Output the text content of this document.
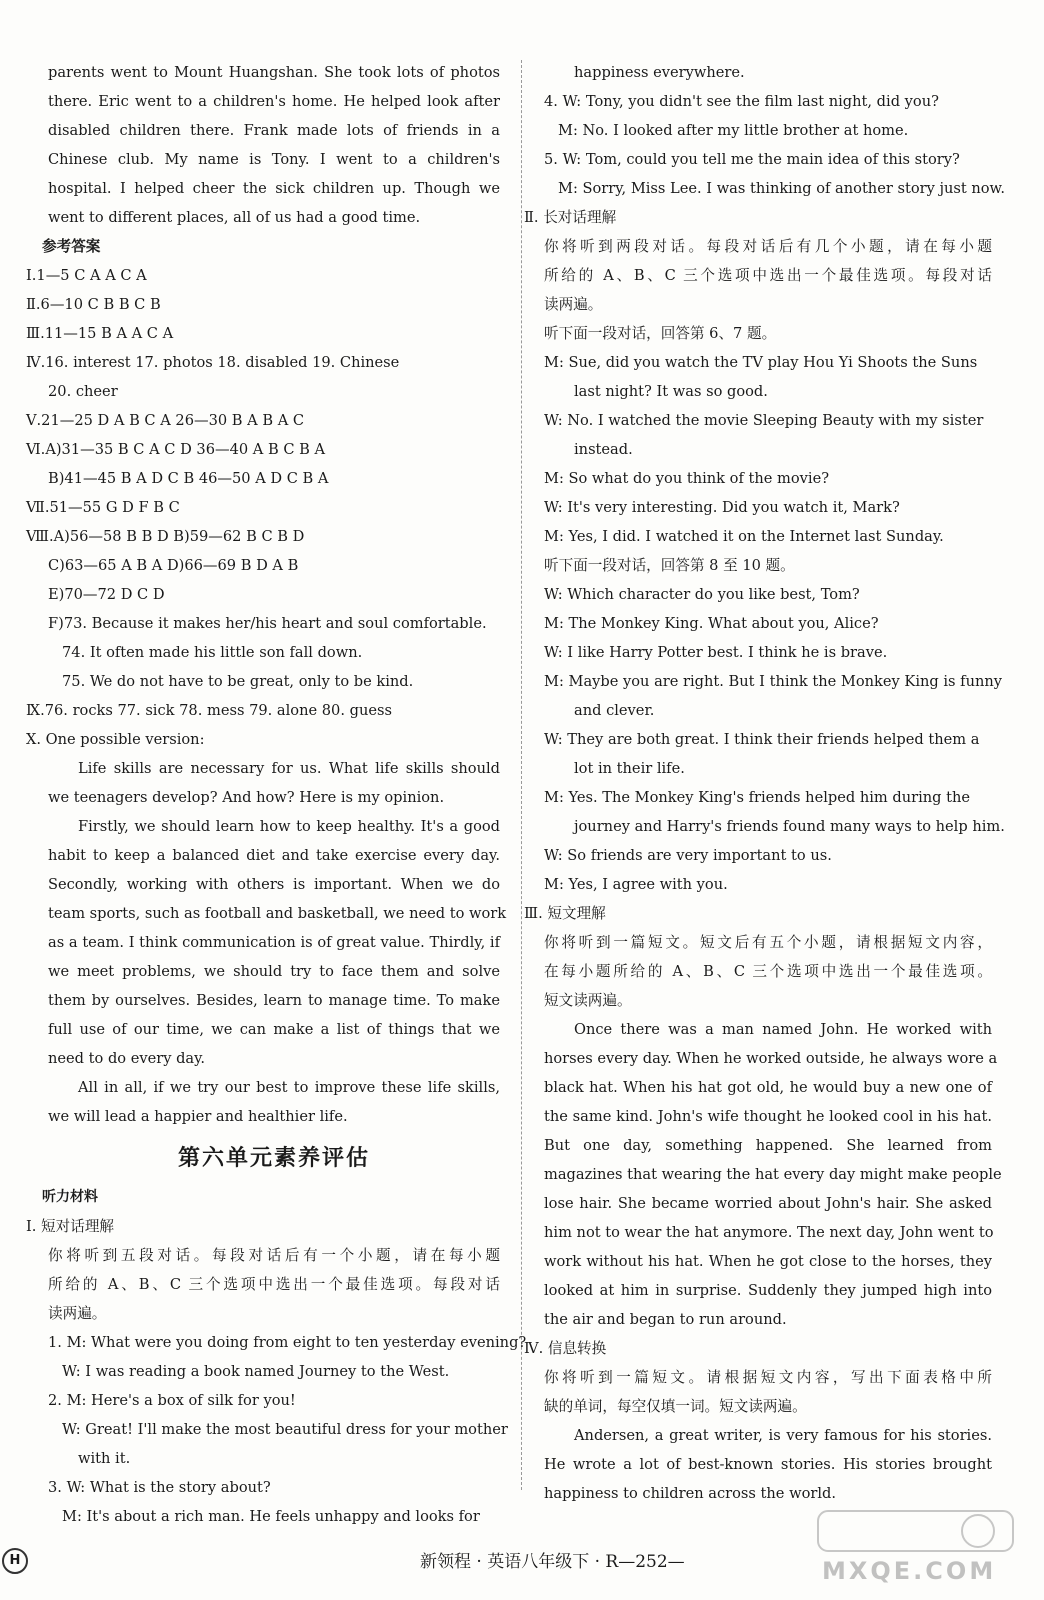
parents went to Mount Huangshan. She took lots of photos
there. Eric went to a children's home. He helped look after
disabled children there. Frank made lots of friends in a
Chinese club. My name is Tony. I went to a children's
hospital. I helped cheer the sick children up. Though we
went to different places, all of us had a good time.
参考答案
Ⅰ.1—5 C A A C A
Ⅱ.6—10 C B B C B
Ⅲ.11—15 B A A C A
Ⅳ.16. interest 17. photos 18. disabled 19. Chinese
20. cheer
Ⅴ.21—25 D A B C A 26—30 B A B A C
Ⅵ.A)31—35 B C A C D 36—40 A B C B A
B)41—45 B A D C B 46—50 A D C B A
Ⅶ.51—55 G D F B C
Ⅷ.A)56—58 B B D B)59—62 B C B D
C)63—65 A B A D)66—69 B D A B
E)70—72 D C D
F)73. Because it makes her/his heart and soul comfortable.
74. It often made his little son fall down.
75. We do not have to be great, only to be kind.
Ⅸ.76. rocks 77. sick 78. mess 79. alone 80. guess
Ⅹ. One possible version:
Life skills are necessary for us. What life skills should
we teenagers develop? And how? Here is my opinion.
Firstly, we should learn how to keep healthy. It's a good
habit to keep a balanced diet and take exercise every day.
Secondly, working with others is important. When we do
team sports, such as football and basketball, we need to work
as a team. I think communication is of great value. Thirdly, if
we meet problems, we should try to face them and solve
them by ourselves. Besides, learn to manage time. To make
full use of our time, we can make a list of things that we
need to do every day.
All in all, if we try our best to improve these life skills,
we will lead a happier and healthier life.
第六单元素养评估
听力材料
Ⅰ. 短对话理解
你将听到五段对话。每段对话后有一个小题，请在每小题
所给的 A、B、C 三个选项中选出一个最佳选项。每段对话
读两遍。
1. M: What were you doing from eight to ten yesterday evening?
W: I was reading a book named Journey to the West.
2. M: Here's a box of silk for you!
W: Great! I'll make the most beautiful dress for your mother
with it.
3. W: What is the story about?
M: It's about a rich man. He feels unhappy and looks for
happiness everywhere.
4. W: Tony, you didn't see the film last night, did you?
M: No. I looked after my little brother at home.
5. W: Tom, could you tell me the main idea of this story?
M: Sorry, Miss Lee. I was thinking of another story just now.
Ⅱ. 长对话理解
你将听到两段对话。每段对话后有几个小题，请在每小题
所给的 A、B、C 三个选项中选出一个最佳选项。每段对话
读两遍。
听下面一段对话，回答第 6、7 题。
M: Sue, did you watch the TV play Hou Yi Shoots the Suns
last night? It was so good.
W: No. I watched the movie Sleeping Beauty with my sister
instead.
M: So what do you think of the movie?
W: It's very interesting. Did you watch it, Mark?
M: Yes, I did. I watched it on the Internet last Sunday.
听下面一段对话，回答第 8 至 10 题。
W: Which character do you like best, Tom?
M: The Monkey King. What about you, Alice?
W: I like Harry Potter best. I think he is brave.
M: Maybe you are right. But I think the Monkey King is funny
and clever.
W: They are both great. I think their friends helped them a
lot in their life.
M: Yes. The Monkey King's friends helped him during the
journey and Harry's friends found many ways to help him.
W: So friends are very important to us.
M: Yes, I agree with you.
Ⅲ. 短文理解
你将听到一篇短文。短文后有五个小题，请根据短文内容，
在每小题所给的 A、B、C 三个选项中选出一个最佳选项。
短文读两遍。
Once there was a man named John. He worked with
horses every day. When he worked outside, he always wore a
black hat. When his hat got old, he would buy a new one of
the same kind. John's wife thought he looked cool in his hat.
But one day, something happened. She learned from
magazines that wearing the hat every day might make people
lose hair. She became worried about John's hair. She asked
him not to wear the hat anymore. The next day, John went to
work without his hat. When he got close to the horses, they
looked at him in surprise. Suddenly they jumped high into
the air and began to run around.
Ⅳ. 信息转换
你将听到一篇短文。请根据短文内容，写出下面表格中所
缺的单词，每空仅填一词。短文读两遍。
Andersen, a great writer, is very famous for his stories.
He wrote a lot of best-known stories. His stories brought
happiness to children across the world.
H	新领程 · 英语八年级下 · R—252—	MXQE.COM
